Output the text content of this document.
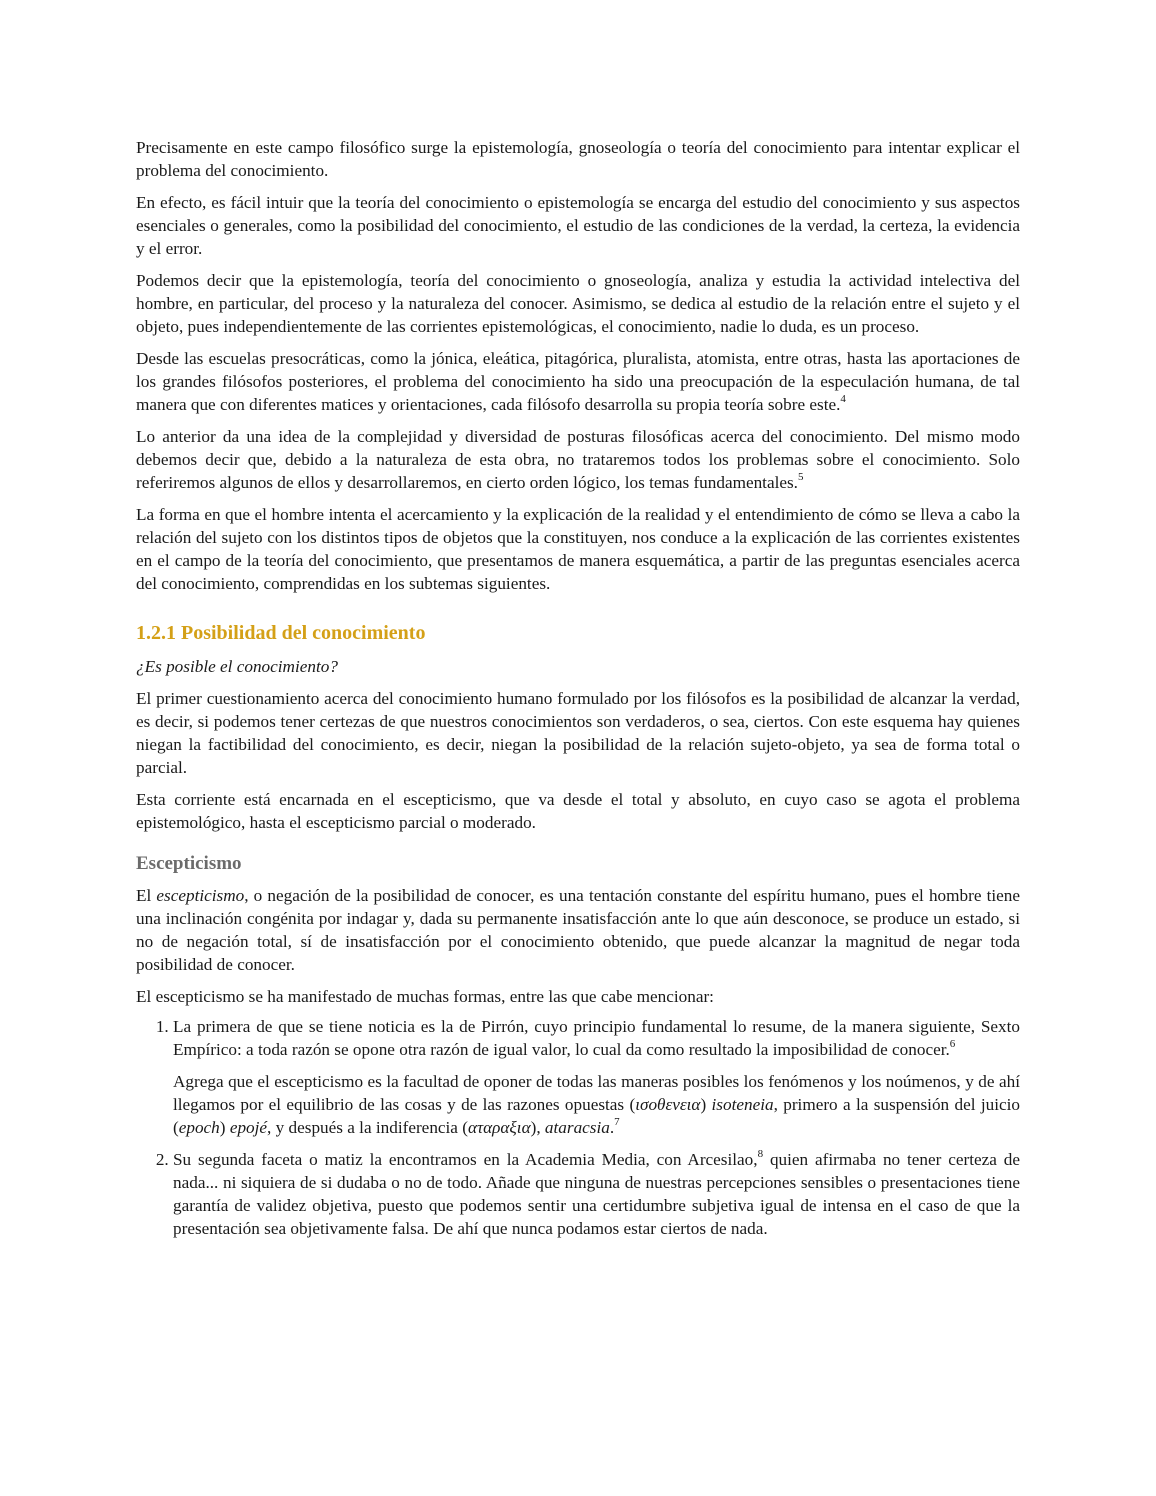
Precisamente en este campo filosófico surge la epistemología, gnoseología o teoría del conocimiento para intentar explicar el problema del conocimiento.

En efecto, es fácil intuir que la teoría del conocimiento o epistemología se encarga del estudio del conocimiento y sus aspectos esenciales o generales, como la posibilidad del conocimiento, el estudio de las condiciones de la verdad, la certeza, la evidencia y el error.

Podemos decir que la epistemología, teoría del conocimiento o gnoseología, analiza y estudia la actividad intelectiva del hombre, en particular, del proceso y la naturaleza del conocer. Asimismo, se dedica al estudio de la relación entre el sujeto y el objeto, pues independientemente de las corrientes epistemológicas, el conocimiento, nadie lo duda, es un proceso.

Desde las escuelas presocráticas, como la jónica, eleática, pitagórica, pluralista, atomista, entre otras, hasta las aportaciones de los grandes filósofos posteriores, el problema del conocimiento ha sido una preocupación de la especulación humana, de tal manera que con diferentes matices y orientaciones, cada filósofo desarrolla su propia teoría sobre este.$^4$

Lo anterior da una idea de la complejidad y diversidad de posturas filosóficas acerca del conocimiento. Del mismo modo debemos decir que, debido a la naturaleza de esta obra, no trataremos todos los problemas sobre el conocimiento. Solo referiremos algunos de ellos y desarrollaremos, en cierto orden lógico, los temas fundamentales.$^5$

La forma en que el hombre intenta el acercamiento y la explicación de la realidad y el entendimiento de cómo se lleva a cabo la relación del sujeto con los distintos tipos de objetos que la constituyen, nos conduce a la explicación de las corrientes existentes en el campo de la teoría del conocimiento, que presentamos de manera esquemática, a partir de las preguntas esenciales acerca del conocimiento, comprendidas en los subtemas siguientes.

1.2.1 Posibilidad del conocimiento

¿Es posible el conocimiento?

El primer cuestionamiento acerca del conocimiento humano formulado por los filósofos es la posibilidad de alcanzar la verdad, es decir, si podemos tener certezas de que nuestros conocimientos son verdaderos, o sea, ciertos. Con este esquema hay quienes niegan la factibilidad del conocimiento, es decir, niegan la posibilidad de la relación sujeto-objeto, ya sea de forma total o parcial.

Esta corriente está encarnada en el escepticismo, que va desde el total y absoluto, en cuyo caso se agota el problema epistemológico, hasta el escepticismo parcial o moderado.

Escepticismo

El escepticismo, o negación de la posibilidad de conocer, es una tentación constante del espíritu humano, pues el hombre tiene una inclinación congénita por indagar y, dada su permanente insatisfacción ante lo que aún desconoce, se produce un estado, si no de negación total, sí de insatisfacción por el conocimiento obtenido, que puede alcanzar la magnitud de negar toda posibilidad de conocer.

El escepticismo se ha manifestado de muchas formas, entre las que cabe mencionar:

1. La primera de que se tiene noticia es la de Pirrón, cuyo principio fundamental lo resume, de la manera siguiente, Sexto Empírico: a toda razón se opone otra razón de igual valor, lo cual da como resultado la imposibilidad de conocer.$^6$

Agrega que el escepticismo es la facultad de oponer de todas las maneras posibles los fenómenos y los noúmenos, y de ahí llegamos por el equilibrio de las cosas y de las razones opuestas (ισοθενεια) isoteneia, primero a la suspensión del juicio (epoch) epojé, y después a la indiferencia (αταραξια), ataracsia.$^7$

2. Su segunda faceta o matiz la encontramos en la Academia Media, con Arcesilao,$^8$ quien afirmaba no tener certeza de nada... ni siquiera de si dudaba o no de todo. Añade que ninguna de nuestras percepciones sensibles o presentaciones tiene garantía de validez objetiva, puesto que podemos sentir una certidumbre subjetiva igual de intensa en el caso de que la presentación sea objetivamente falsa. De ahí que nunca podamos estar ciertos de nada.
